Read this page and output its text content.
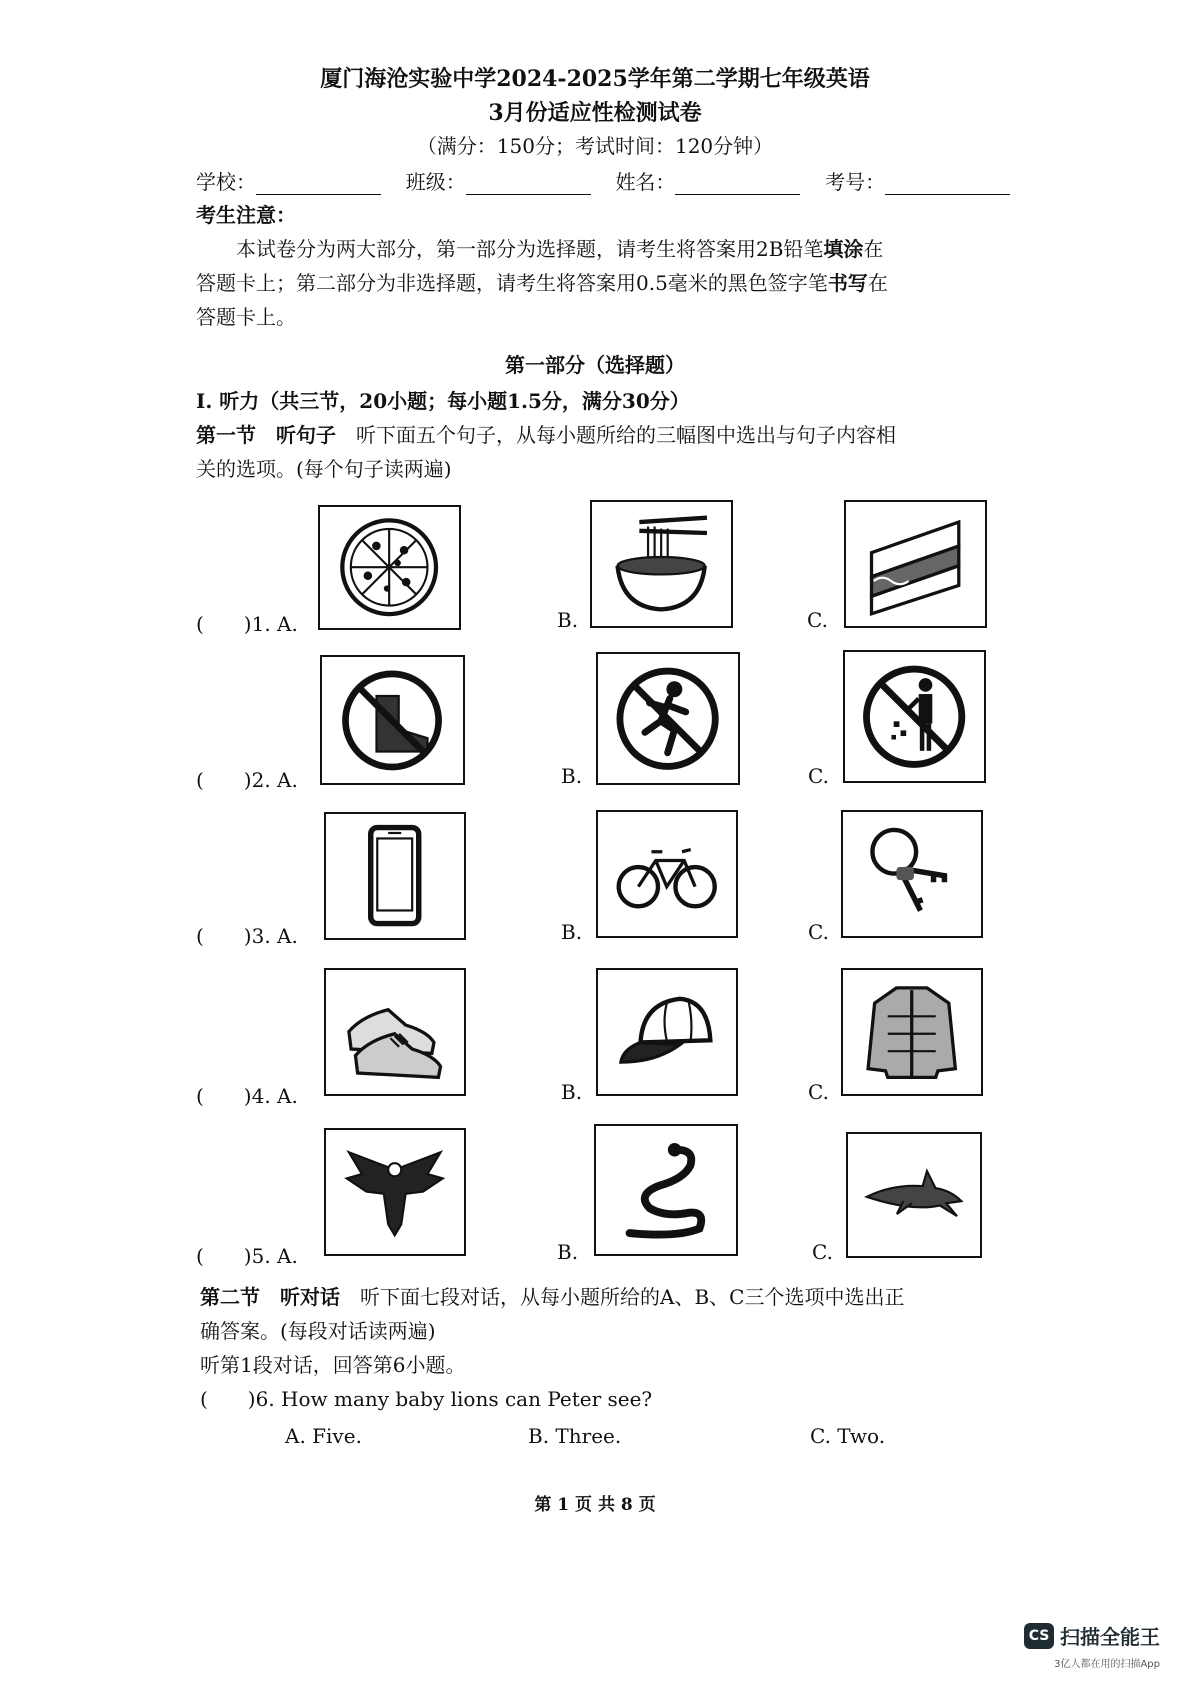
厦门海沧实验中学2024-2025学年第二学期七年级英语
3月份适应性检测试卷
（满分：150分；考试时间：120分钟）
学校：	班级：	姓名：	考号：
考生注意：
本试卷分为两大部分，第一部分为选择题，请考生将答案用2B铅笔填涂在
答题卡上；第二部分为非选择题，请考生将答案用0.5毫米的黑色签字笔书写在
答题卡上。
第一部分（选择题）
I. 听力（共三节，20小题；每小题1.5分，满分30分）
第一节　听句子　 听下面五个句子，从每小题所给的三幅图中选出与句子内容相
关的选项。(每个句子读两遍)
(　　)1. A.	B.	C.
(　　)2. A.	B.	C.
(　　)3. A.	B.	C.
(　　)4. A.	B.	C.
(　　)5. A.	B.	C.
第二节　听对话　 听下面七段对话，从每小题所给的A、B、C三个选项中选出正
确答案。(每段对话读两遍)
听第1段对话，回答第6小题。
(　　)6. How many baby lions can Peter see?
A. Five.	B. Three.	C. Two.
第 1 页 共 8 页
CS 扫描全能王
3亿人都在用的扫描App
